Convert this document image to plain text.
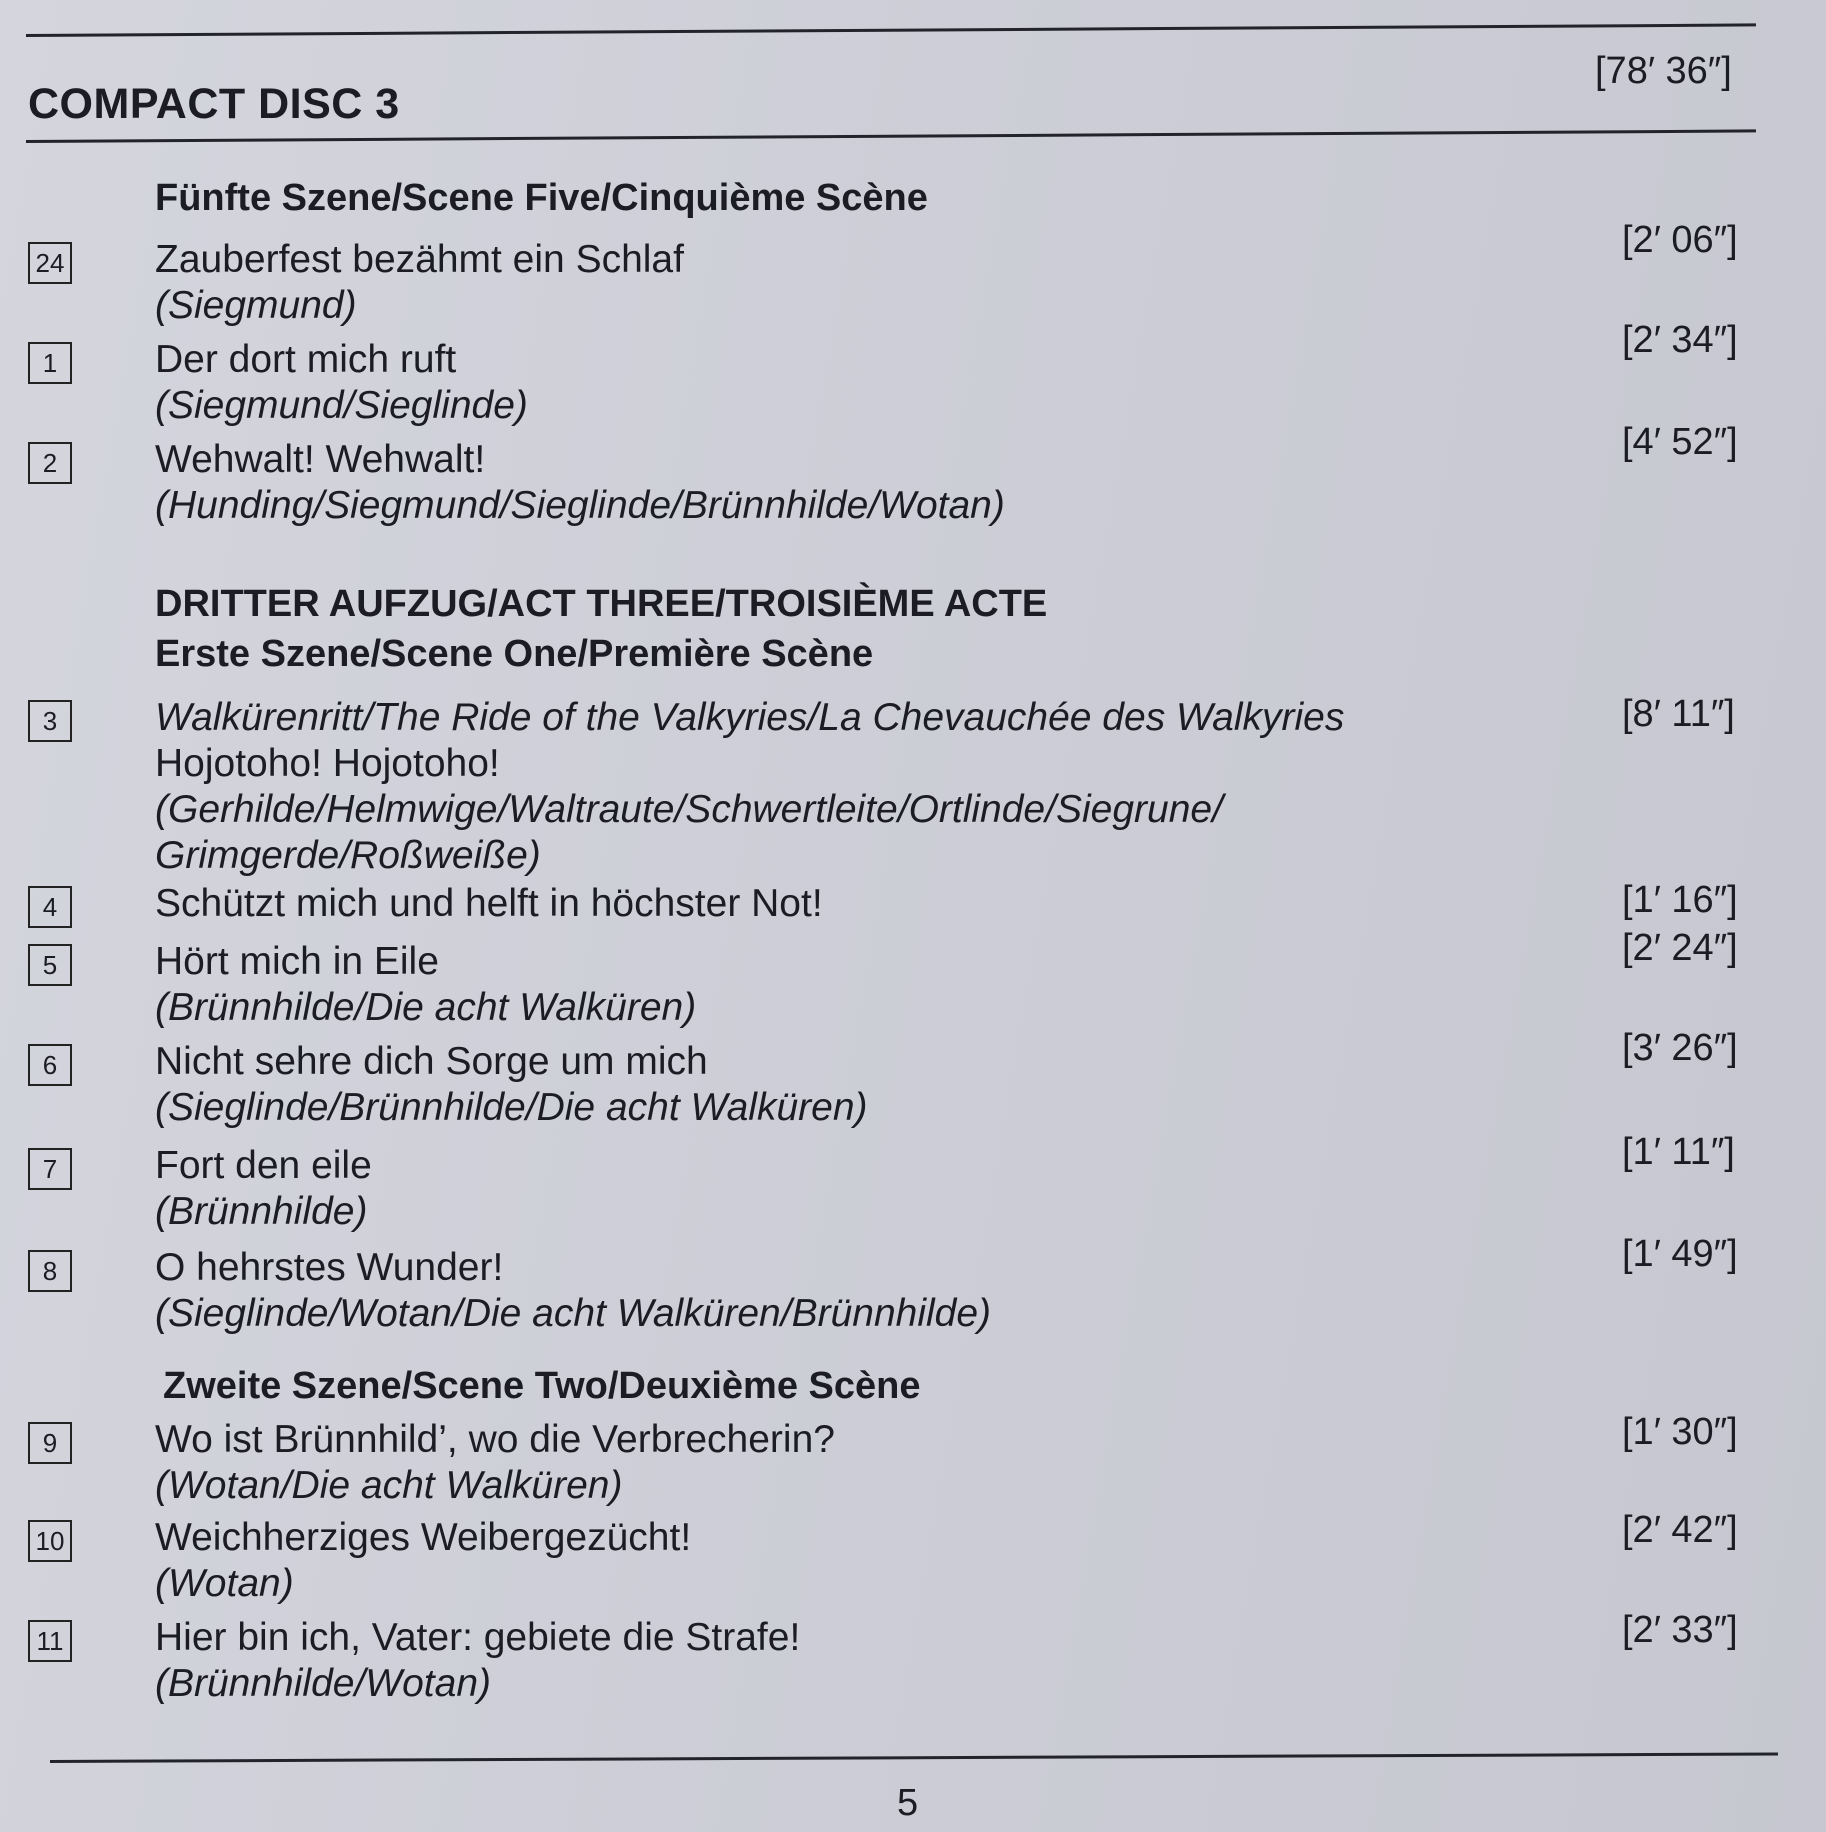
COMPACT DISC 3
[78′ 36″]
Fünfte Szene/Scene Five/Cinquième Scène
24 Zauberfest bezähmt ein Schlaf
(Siegmund)
[2′ 06″]
1	Der dort mich ruft
(Siegmund/Sieglinde)
[2′ 34″]
2	Wehwalt! Wehwalt!
(Hunding/Siegmund/Sieglinde/Brünnhilde/Wotan)
[4′ 52″]
DRITTER AUFZUG/ACT THREE/TROISIÈME ACTE
Erste Szene/Scene One/Première Scène
3	Walkürenritt/The Ride of the Valkyries/La Chevauchée des Walkyries
Hojotoho! Hojotoho!
(Gerhilde/Helmwige/Waltraute/Schwertleite/Ortlinde/Siegrune/
Grimgerde/Roßweiße)
[8′ 11″]
4	Schützt mich und helft in höchster Not!	[1′ 16″]
5	Hört mich in Eile
(Brünnhilde/Die acht Walküren)
[2′ 24″]
6	Nicht sehre dich Sorge um mich
(Sieglinde/Brünnhilde/Die acht Walküren)
[3′ 26″]
7	Fort den eile
(Brünnhilde)
[1′ 11″]
8	O hehrstes Wunder!
(Sieglinde/Wotan/Die acht Walküren/Brünnhilde)
[1′ 49″]
Zweite Szene/Scene Two/Deuxième Scène
9	Wo ist Brünnhild’, wo die Verbrecherin?
(Wotan/Die acht Walküren)
[1′ 30″]
10 Weichherziges Weibergezücht!
(Wotan)
[2′ 42″]
11 Hier bin ich, Vater: gebiete die Strafe!
(Brünnhilde/Wotan)
[2′ 33″]
5
